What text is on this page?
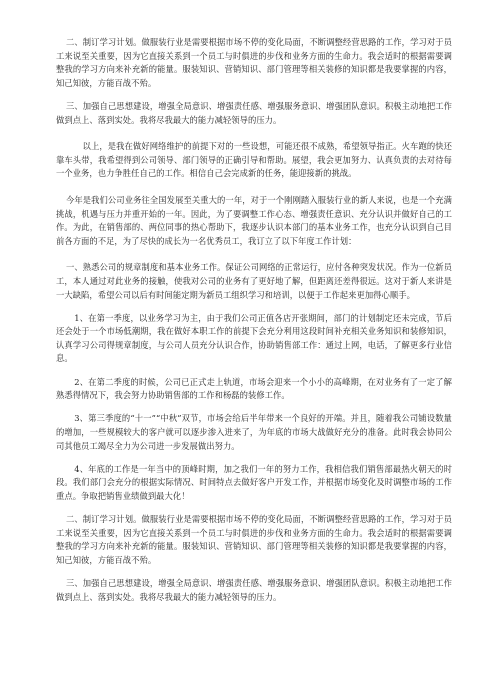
二、制订学习计划。做服装行业是需要根据市场不停的变化局面，不断调整经营思路的工作，学习对于员工来说至关重要，因为它直接关系到一个员工与时俱进的步伐和业务方面的生命力。我会适时的根据需要调整我的学习方向来补充新的能量。服装知识、营销知识、部门管理等相关装修的知识都是我要掌握的内容，知己知彼，方能百战不殆。

三、加强自己思想建设，增强全局意识、增强责任感、增强服务意识、增强团队意识。积极主动地把工作做到点上、落到实处。我将尽我最大的能力减轻领导的压力。

以上，是我在做好网络维护的前提下对的一些设想，可能还很不成熟，希望领导指正。火车跑的快还靠车头带，我希望得到公司领导、部门领导的正确引导和帮助。展望，我会更加努力、认真负责的去对待每一个业务，也力争胜任自己的工作。相信自己会完成新的任务，能迎接新的挑战。

今年是我们公司业务往全国发展至关重大的一年，对于一个刚刚踏入服装行业的新人来说，也是一个充满挑战，机遇与压力并重开始的一年。因此，为了要调整工作心态、增强责任意识、充分认识并做好自己的工作。为此，在销售部的、两位同事的热心帮助下，我逐步认识本部门的基本业务工作，也充分认识到自己目前各方面的不足，为了尽快的成长为一名优秀员工，我订立了以下年度工作计划：

一、熟悉公司的规章制度和基本业务工作。保证公司网络的正常运行，应付各种突发状况。作为一位新员工，本人通过对此业务的接触，使我对公司的业务有了更好地了解，但距离还差得很远。这对于新人来讲是一大缺陷，希望公司以后有时间能定期为新员工组织学习和培训，以便于工作起来更加得心顺手。

1、在第一季度，以业务学习为主，由于我们公司正值各店开张期间，部门的计划制定还未完成，节后还会处于一个市场低潮期，我在做好本职工作的前提下会充分利用这段时间补充相关业务知识和装修知识，认真学习公司得规章制度，与公司人员充分认识合作，协助销售部工作：通过上网，电话，了解更多行业信息。

2、在第二季度的时候，公司已正式走上轨道，市场会迎来一个小小的高峰期，在对业务有了一定了解熟悉得情况下，我会努力协助销售部的工作和杨磊的装修工作。

3、第三季度的“十一”“中秋”双节，市场会给后半年带来一个良好的开端。并且，随着我公司铺设数量的增加，一些规模较大的客户就可以逐步渗入进来了，为年底的市场大战做好充分的准备。此时我会协同公司其他员工竭尽全力为公司进一步发展做出努力。

4、年底的工作是一年当中的顶峰时期，加之我们一年的努力工作，我相信我们销售部最热火朝天的时段。我们部门会充分的根据实际情况、时间特点去做好客户开发工作，并根据市场变化及时调整市场的工作重点。争取把销售业绩做到最大化！

二、制订学习计划。做服装行业是需要根据市场不停的变化局面，不断调整经营思路的工作，学习对于员工来说至关重要，因为它直接关系到一个员工与时俱进的步伐和业务方面的生命力。我会适时的根据需要调整我的学习方向来补充新的能量。服装知识、营销知识、部门管理等相关装修的知识都是我要掌握的内容，知己知彼，方能百战不殆。

三、加强自己思想建设，增强全局意识、增强责任感、增强服务意识、增强团队意识。积极主动地把工作做到点上、落到实处。我将尽我最大的能力减轻领导的压力。
